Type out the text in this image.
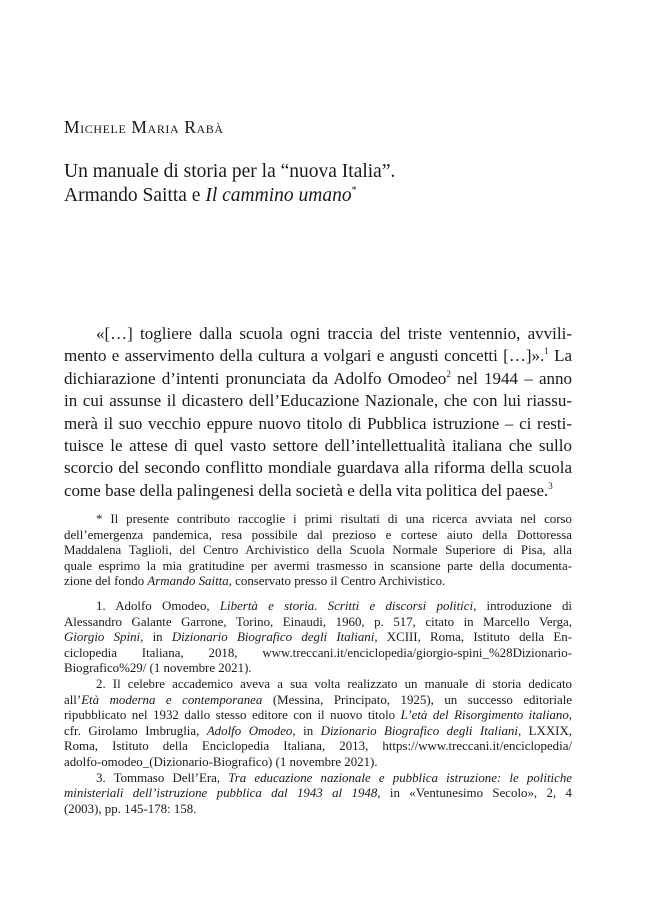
Michele Maria Rabà

Un manuale di storia per la “nuova Italia”.
Armando Saitta e Il cammino umano*
«[…] togliere dalla scuola ogni traccia del triste ventennio, avvili-
mento e asservimento della cultura a volgari e angusti concetti […]».$^1$ La
dichiarazione d’intenti pronunciata da Adolfo Omodeo$^2$ nel 1944 – anno
in cui assunse il dicastero dell’Educazione Nazionale, che con lui riassu-
merà il suo vecchio eppure nuovo titolo di Pubblica istruzione – ci resti-
tuisce le attese di quel vasto settore dell’intellettualità italiana che sullo
scorcio del secondo conflitto mondiale guardava alla riforma della scuola
come base della palingenesi della società e della vita politica del paese.$^3$
* Il presente contributo raccoglie i primi risultati di una ricerca avviata nel corso
dell’emergenza pandemica, resa possibile dal prezioso e cortese aiuto della Dottoressa
Maddalena Taglioli, del Centro Archivistico della Scuola Normale Superiore di Pisa, alla
quale esprimo la mia gratitudine per avermi trasmesso in scansione parte della documenta-
zione del fondo Armando Saitta, conservato presso il Centro Archivistico.
1. Adolfo Omodeo, Libertà e storia. Scritti e discorsi politici, introduzione di
Alessandro Galante Garrone, Torino, Einaudi, 1960, p. 517, citato in Marcello Verga,
Giorgio Spini, in Dizionario Biografico degli Italiani, XCIII, Roma, Istituto della En-
ciclopedia Italiana, 2018, www.treccani.it/enciclopedia/giorgio-spini_%28Dizionario-
Biografico%29/ (1 novembre 2021).
2. Il celebre accademico aveva a sua volta realizzato un manuale di storia dedicato
all’Età moderna e contemporanea (Messina, Principato, 1925), un successo editoriale
ripubblicato nel 1932 dallo stesso editore con il nuovo titolo L’età del Risorgimento italiano,
cfr. Girolamo Imbruglia, Adolfo Omodeo, in Dizionario Biografico degli Italiani, LXXIX,
Roma, Istituto della Enciclopedia Italiana, 2013, https://www.treccani.it/enciclopedia/
adolfo-omodeo_(Dizionario-Biografico) (1 novembre 2021).
3. Tommaso Dell’Era, Tra educazione nazionale e pubblica istruzione: le politiche
ministeriali dell’istruzione pubblica dal 1943 al 1948, in «Ventunesimo Secolo», 2, 4
(2003), pp. 145-178: 158.
